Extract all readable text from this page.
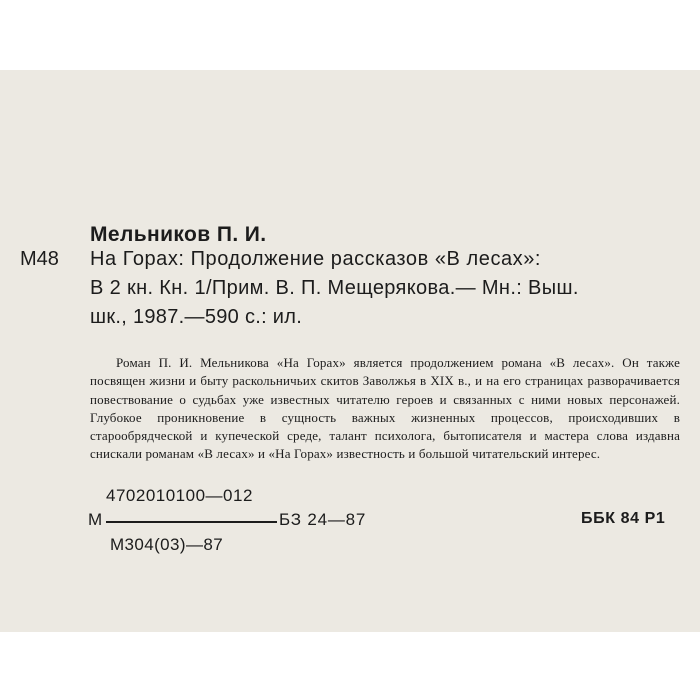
Мельников П. И.
М48 На Горах: Продолжение рассказов «В лесах»:
В 2 кн. Кн. 1/Прим. В. П. Мещерякова.— Мн.: Выш.
шк., 1987.—590 с.: ил.
Роман П. И. Мельникова «На Горах» является продолжением романа «В лесах». Он также посвящен жизни и быту раскольничьих скитов Заволжья в XIX в., и на его страницах разворачивается повествование о судьбах уже известных читателю героев и связанных с ними новых персонажей. Глубокое проникновение в сущность важных жизненных процессов, происходивших в старообрядческой и купеческой среде, талант психолога, бытописателя и мастера слова издавна снискали романам «В лесах» и «На Горах» известность и большой читательский интерес.
4702010100—012
М	БЗ 24—87
М304(03)—87
ББК 84 Р1
